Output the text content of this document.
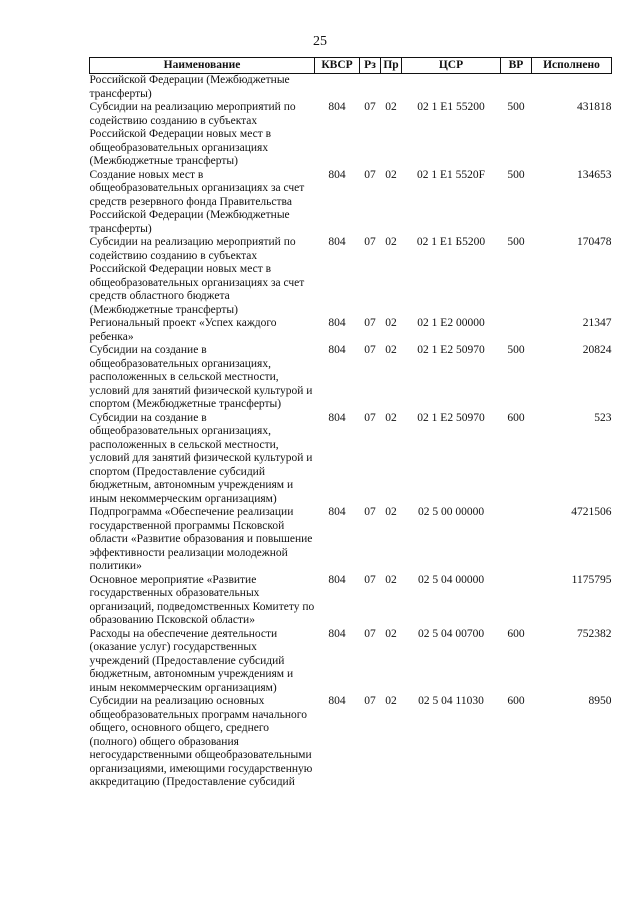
25
Наименование	КВСР	Рз	Пр	ЦСР	ВР	Исполнено
Российской Федерации (Межбюджетные трансферты)						
Субсидии на реализацию мероприятий по содействию созданию в субъектах Российской Федерации новых мест в общеобразовательных организациях (Межбюджетные трансферты)	804	07	02	02 1 E1 55200	500	431818
Создание новых мест в общеобразовательных организациях за счет средств резервного фонда Правительства Российской Федерации (Межбюджетные трансферты)	804	07	02	02 1 E1 5520F	500	134653
Субсидии на реализацию мероприятий по содействию созданию в субъектах Российской Федерации новых мест в общеобразовательных организациях за счет средств областного бюджета (Межбюджетные трансферты)	804	07	02	02 1 E1 Б5200	500	170478
Региональный проект «Успех каждого ребенка»	804	07	02	02 1 E2 00000		21347
Субсидии на создание в общеобразовательных организациях, расположенных в сельской местности, условий для занятий физической культурой и спортом (Межбюджетные трансферты)	804	07	02	02 1 E2 50970	500	20824
Субсидии на создание в общеобразовательных организациях, расположенных в сельской местности, условий для занятий физической культурой и спортом (Предоставление субсидий бюджетным, автономным учреждениям и иным некоммерческим организациям)	804	07	02	02 1 E2 50970	600	523
Подпрограмма «Обеспечение реализации государственной программы Псковской области «Развитие образования и повышение эффективности реализации молодежной политики»	804	07	02	02 5 00 00000		4721506
Основное мероприятие «Развитие государственных образовательных организаций, подведомственных Комитету по образованию Псковской области»	804	07	02	02 5 04 00000		1175795
Расходы на обеспечение деятельности (оказание услуг) государственных учреждений (Предоставление субсидий бюджетным, автономным учреждениям и иным некоммерческим организациям)	804	07	02	02 5 04 00700	600	752382
Субсидии на реализацию основных общеобразовательных программ начального общего, основного общего, среднего (полного) общего образования негосударственными общеобразовательными организациями, имеющими государственную аккредитацию (Предоставление субсидий	804	07	02	02 5 04 11030	600	8950
